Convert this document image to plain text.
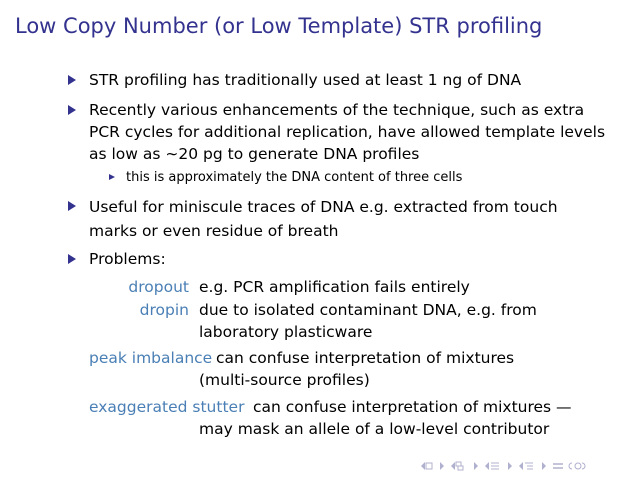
Low Copy Number (or Low Template) STR profiling
STR profiling has traditionally used at least 1 ng of DNA
Recently various enhancements of the technique, such as extra PCR cycles for additional replication, have allowed template levels as low as ∼20 pg to generate DNA profiles
this is approximately the DNA content of three cells
Useful for miniscule traces of DNA e.g. extracted from touch marks or even residue of breath
Problems:
dropout e.g. PCR amplification fails entirely
dropin due to isolated contaminant DNA, e.g. from laboratory plasticware
peak imbalance can confuse interpretation of mixtures (multi-source profiles)
exaggerated stutter can confuse interpretation of mixtures — may mask an allele of a low-level contributor
